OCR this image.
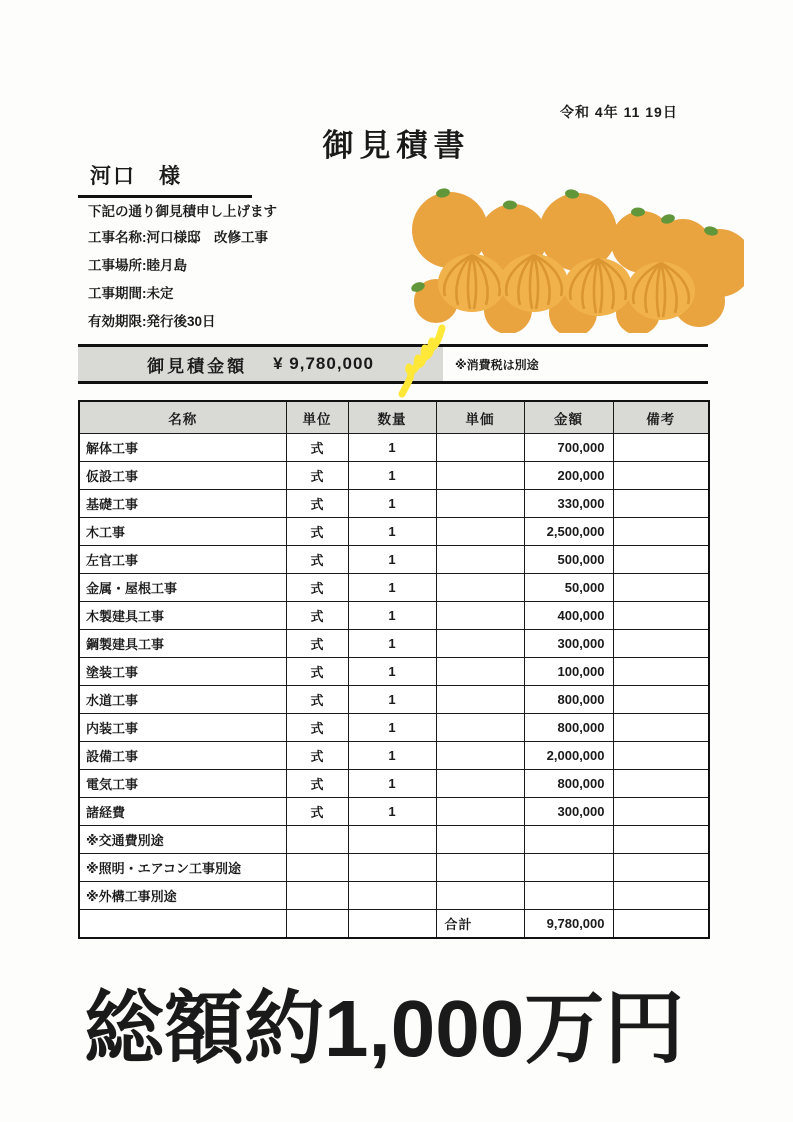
令和 4年 11 19日
御見積書
河口　様
下記の通り御見積申し上げます
工事名称:河口様邸　改修工事
工事場所:睦月島
工事期間:未定
有効期限:発行後30日
御見積金額 ¥ 9,780,000	※消費税は別途
名称	単位	数量	単価	金額	備考
解体工事	式	1		700,000	
仮設工事	式	1		200,000	
基礎工事	式	1		330,000	
木工事	式	1		2,500,000	
左官工事	式	1		500,000	
金属・屋根工事	式	1		50,000	
木製建具工事	式	1		400,000	
鋼製建具工事	式	1		300,000	
塗装工事	式	1		100,000	
水道工事	式	1		800,000	
内装工事	式	1		800,000	
設備工事	式	1		2,000,000	
電気工事	式	1		800,000	
諸経費	式	1		300,000	
※交通費別途					
※照明・エアコン工事別途					
※外構工事別途					
			合計	9,780,000	
総額約1,000万円
